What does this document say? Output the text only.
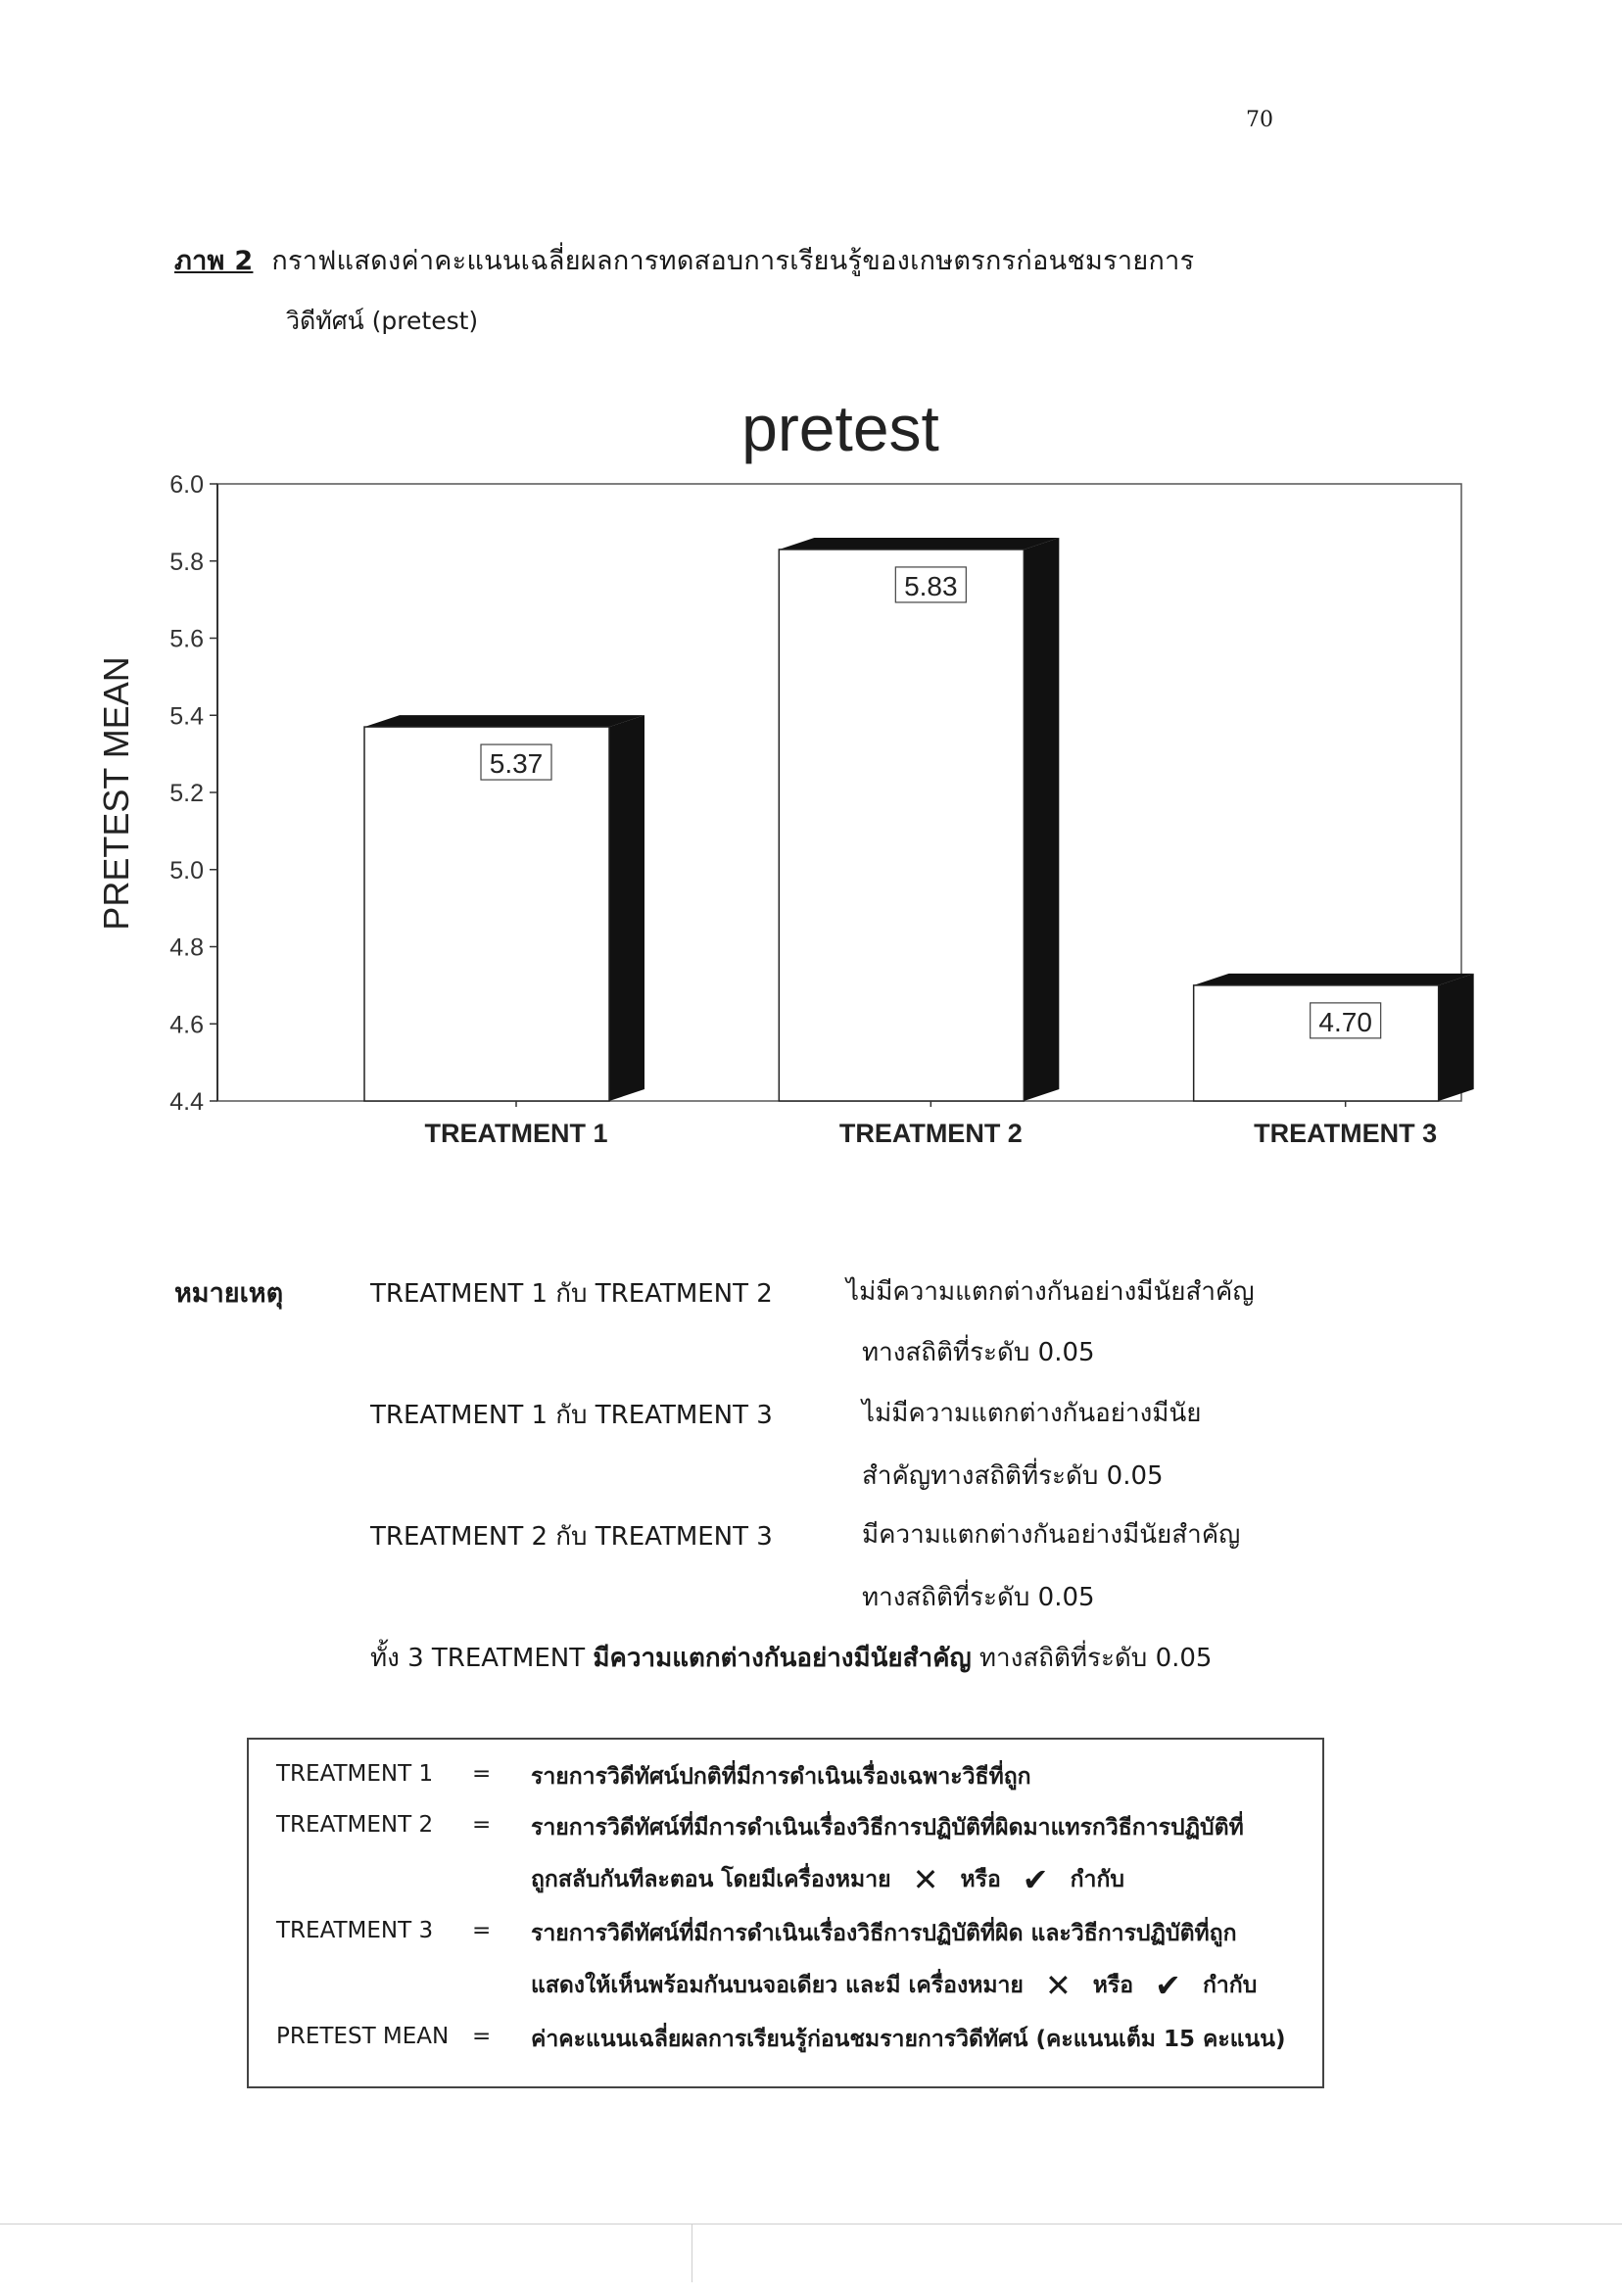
70
ภาพ 2 กราฟแสดงค่าคะแนนเฉลี่ยผลการทดสอบการเรียนรู้ของเกษตรกรก่อนชมรายการ
วิดีทัศน์ (pretest)
pretest
4.4
4.6
4.8
5.0
5.2
5.4
5.6
5.8
6.0
PRETEST MEAN	5.37
TREATMENT 1
5.83
TREATMENT 2
4.70
TREATMENT 3
หมายเหตุ	TREATMENT 1 กับ TREATMENT 2	ไม่มีความแตกต่างกันอย่างมีนัยสำคัญ
ทางสถิติที่ระดับ 0.05
TREATMENT 1 กับ TREATMENT 3	ไม่มีความแตกต่างกันอย่างมีนัย
สำคัญทางสถิติที่ระดับ 0.05
TREATMENT 2 กับ TREATMENT 3	มีความแตกต่างกันอย่างมีนัยสำคัญ
ทางสถิติที่ระดับ 0.05
ทั้ง 3 TREATMENT มีความแตกต่างกันอย่างมีนัยสำคัญ ทางสถิติที่ระดับ 0.05
TREATMENT 1 = รายการวิดีทัศน์ปกติที่มีการดำเนินเรื่องเฉพาะวิธีที่ถูก
TREATMENT 2 = รายการวิดีทัศน์ที่มีการดำเนินเรื่องวิธีการปฏิบัติที่ผิดมาแทรกวิธีการปฏิบัติที่
ถูกสลับกันทีละตอน โดยมีเครื่องหมาย ✕ หรือ ✔ กำกับ
TREATMENT 3 = รายการวิดีทัศน์ที่มีการดำเนินเรื่องวิธีการปฏิบัติที่ผิด และวิธีการปฏิบัติที่ถูก
แสดงให้เห็นพร้อมกันบนจอเดียว และมี เครื่องหมาย ✕ หรือ ✔ กำกับ
PRETEST MEAN = ค่าคะแนนเฉลี่ยผลการเรียนรู้ก่อนชมรายการวิดีทัศน์ (คะแนนเต็ม 15 คะแนน)
